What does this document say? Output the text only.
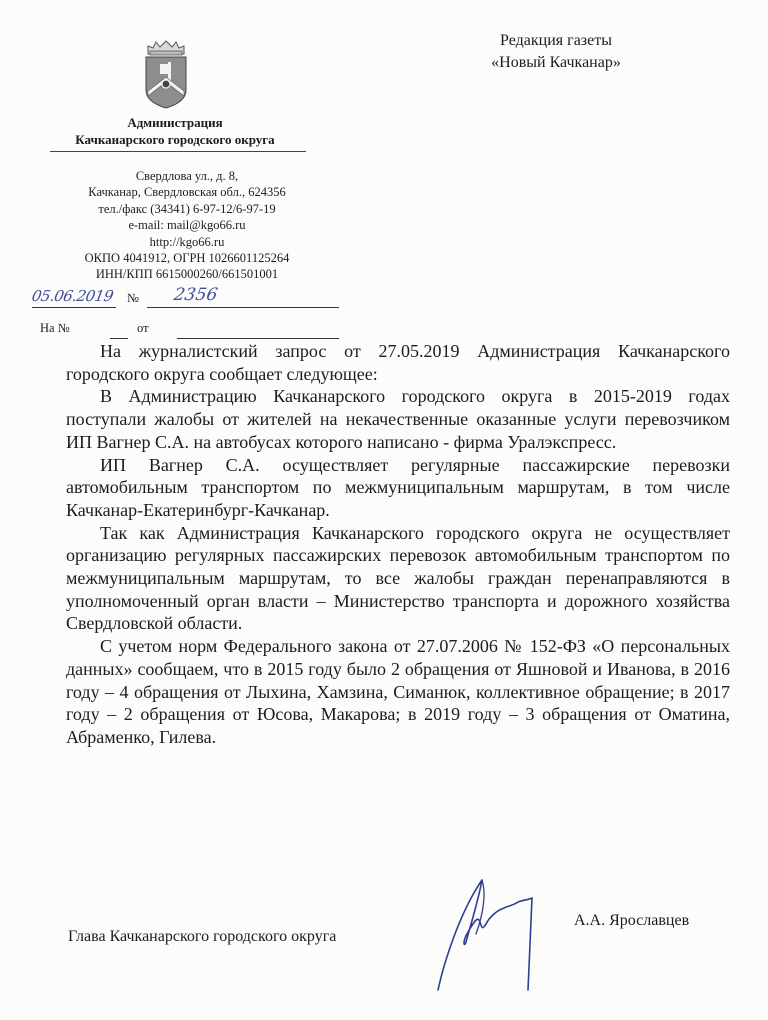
Администрация
Качканарского городского округа
Свердлова ул., д. 8,
Качканар, Свердловская обл., 624356
тел./факс (34341) 6-97-12/6-97-19
e-mail: mail@kgo66.ru
http://kgo66.ru
ОКПО 4041912, ОГРН 1026601125264
ИНН/КПП 6615000260/661501001
05.06.2019 № 2356
На №	от
Редакция газеты
«Новый Качканар»

На журналистский запрос от 27.05.2019 Администрация Качканарского городского округа сообщает следующее:

В Администрацию Качканарского городского округа в 2015-2019 годах поступали жалобы от жителей на некачественные оказанные услуги перевозчиком ИП Вагнер С.А. на автобусах которого написано - фирма Уралэкспресс.

ИП Вагнер С.А. осуществляет регулярные пассажирские перевозки автомобильным транспортом по межмуниципальным маршрутам, в том числе Качканар-Екатеринбург-Качканар.

Так как Администрация Качканарского городского округа не осуществляет организацию регулярных пассажирских перевозок автомобильным транспортом по межмуниципальным маршрутам, то все жалобы граждан перенаправляются в уполномоченный орган власти – Министерство транспорта и дорожного хозяйства Свердловской области.

С учетом норм Федерального закона от 27.07.2006 № 152-ФЗ «О персональных данных» сообщаем, что в 2015 году было 2 обращения от Яшновой и Иванова, в 2016 году – 4 обращения от Лыхина, Хамзина, Симанюк, коллективное обращение; в 2017 году – 2 обращения от Юсова, Макарова; в 2019 году – 3 обращения от Оматина, Абраменко, Гилева.

Глава Качканарского городского округа
А.А. Ярославцев
